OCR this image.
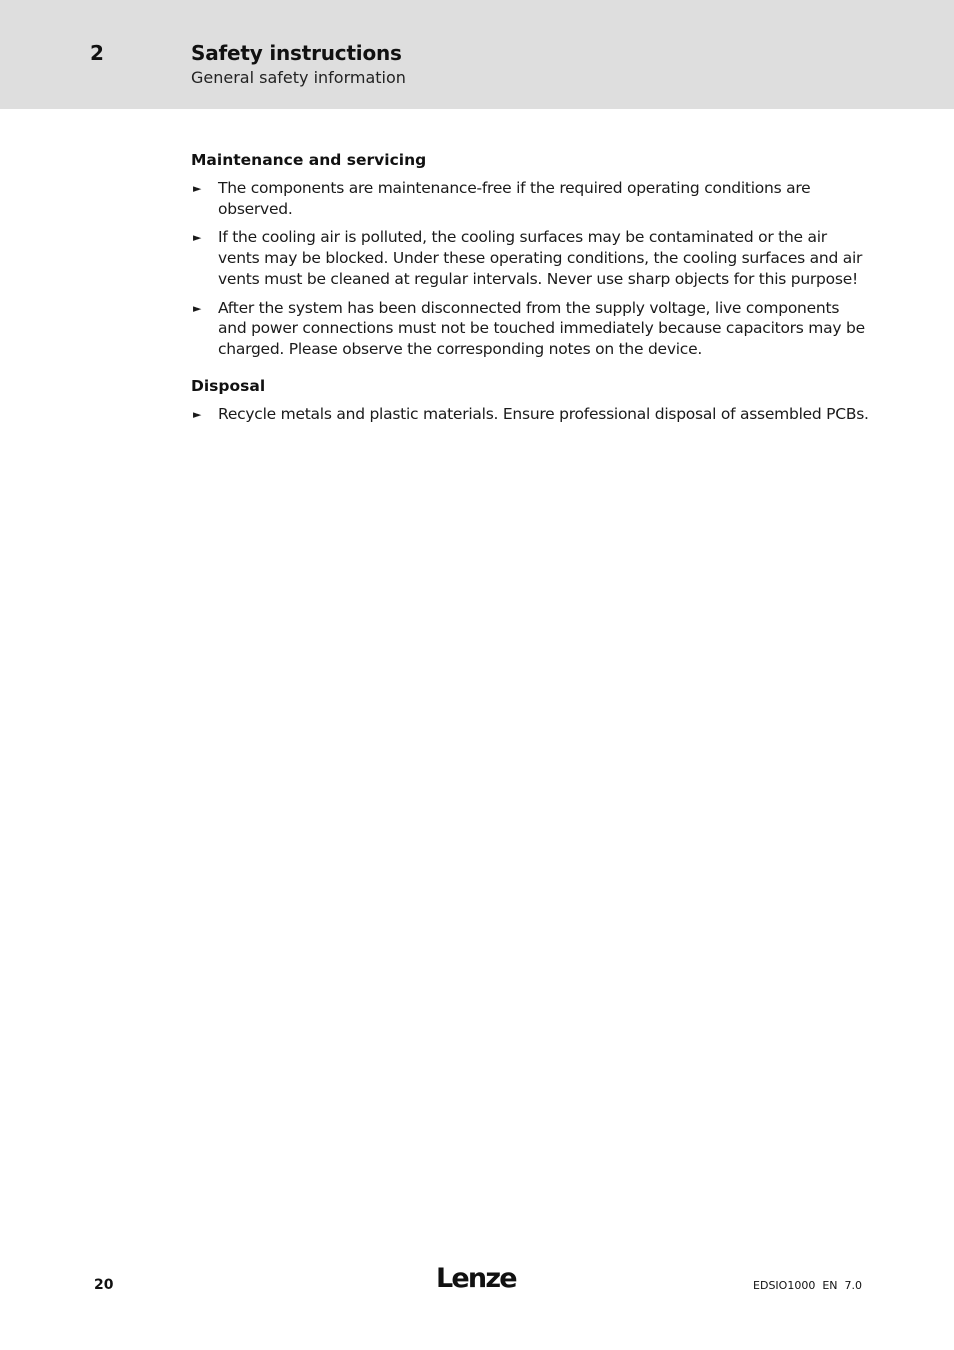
2	Safety instructions
General safety information
Maintenance and servicing
► The components are maintenance-free if the required operating conditions are observed.
► If the cooling air is polluted, the cooling surfaces may be contaminated or the air vents may be blocked. Under these operating conditions, the cooling surfaces and air vents must be cleaned at regular intervals. Never use sharp objects for this purpose!
► After the system has been disconnected from the supply voltage, live components and power connections must not be touched immediately because capacitors may be charged. Please observe the corresponding notes on the device.
Disposal
► Recycle metals and plastic materials. Ensure professional disposal of assembled PCBs.
20	Lenze	EDSIO1000  EN  7.0
